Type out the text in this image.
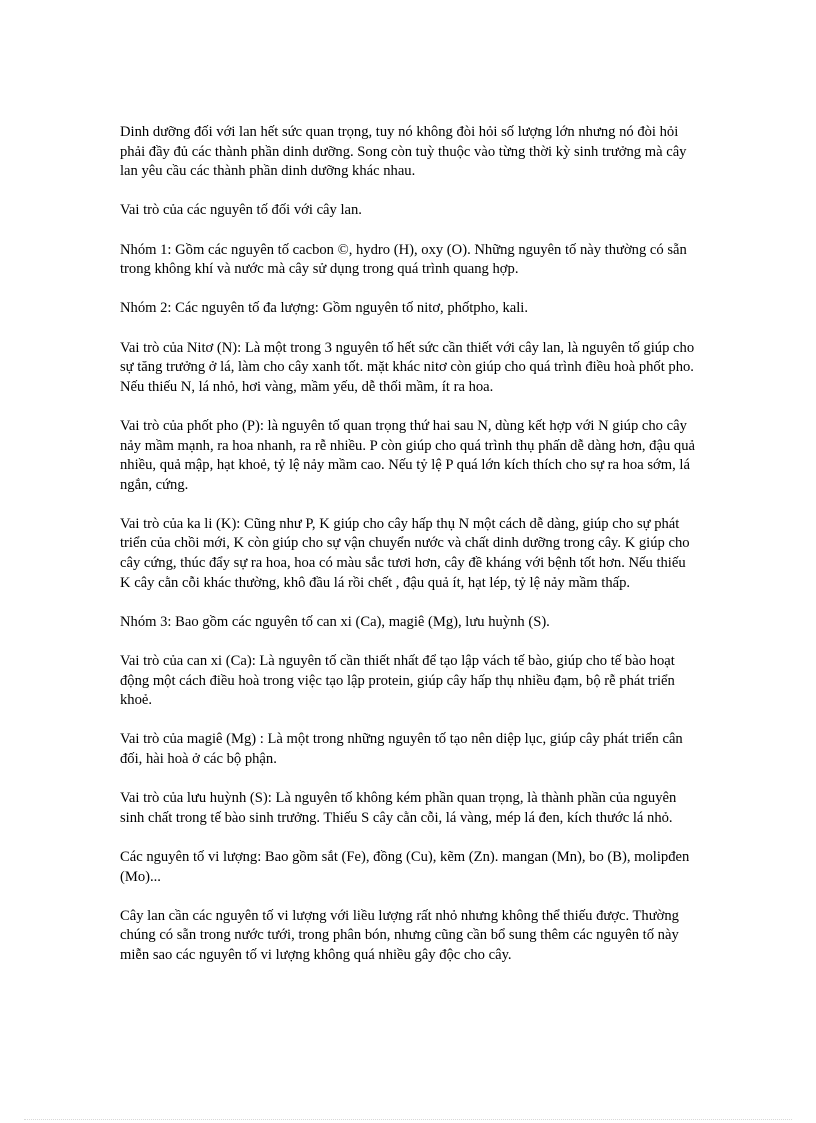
Dinh dưỡng đối với lan hết sức quan trọng, tuy nó không đòi hỏi số lượng lớn nhưng nó đòi hỏi phải đầy đủ các thành phần dinh dưỡng. Song còn tuỳ thuộc vào từng thời kỳ sinh trưởng mà cây lan yêu cầu các thành phần dinh dưỡng khác nhau.

Vai trò của các nguyên tố đối với cây lan.

Nhóm 1: Gồm các nguyên tố cacbon ©, hydro (H), oxy (O). Những nguyên tố này thường có sẵn trong không khí và nước mà cây sử dụng trong quá trình quang hợp.

Nhóm 2: Các nguyên tố đa lượng: Gồm nguyên tố nitơ, phốtpho, kali.

Vai trò của Nitơ (N): Là một trong 3 nguyên tố hết sức cần thiết với cây lan, là nguyên tố giúp cho sự tăng trưởng ở lá, làm cho cây xanh tốt. mặt khác nitơ còn giúp cho quá trình điều hoà phốt pho. Nếu thiếu N, lá nhỏ, hơi vàng, mầm yếu, dễ thối mầm, ít ra hoa.

Vai trò của phốt pho (P): là nguyên tố quan trọng thứ hai sau N, dùng kết hợp với N giúp cho cây nảy mầm mạnh, ra hoa nhanh, ra rễ nhiều. P còn giúp cho quá trình thụ phấn dễ dàng hơn, đậu quả nhiều, quả mập, hạt khoẻ, tỷ lệ nảy mầm cao. Nếu tỷ lệ P quá lớn kích thích cho sự ra hoa sớm, lá ngắn, cứng.

Vai trò của ka li (K): Cũng như P, K giúp cho cây hấp thụ N một cách dễ dàng, giúp cho sự phát triển của chồi mới, K còn giúp cho sự vận chuyển nước và chất dinh dưỡng trong cây. K giúp cho cây cứng, thúc đẩy sự ra hoa, hoa có màu sắc tươi hơn, cây đề kháng với bệnh tốt hơn. Nếu thiếu K cây cằn cỗi khác thường, khô đầu lá rồi chết , đậu quả ít, hạt lép, tỷ lệ nảy mầm thấp.

Nhóm 3: Bao gồm các nguyên tố can xi (Ca), magiê (Mg), lưu huỳnh (S).

Vai trò của can xi (Ca): Là nguyên tố cần thiết nhất để tạo lập vách tế bào, giúp cho tế bào hoạt động một cách điều hoà trong việc tạo lập protein, giúp cây hấp thụ nhiều đạm, bộ rễ phát triển khoẻ.

Vai trò của magiê (Mg) : Là một trong những nguyên tố tạo nên diệp lục, giúp cây phát triển cân đối, hài hoà ở các bộ phận.

Vai trò của lưu huỳnh (S): Là nguyên tố không kém phần quan trọng, là thành phần của nguyên sinh chất trong tế bào sinh trưởng. Thiếu S cây cằn cỗi, lá vàng, mép lá đen, kích thước lá nhỏ.

Các nguyên tố vi lượng: Bao gồm sắt (Fe), đồng (Cu), kẽm (Zn). mangan (Mn), bo (B), molipđen (Mo)...

Cây lan cần các nguyên tố vi lượng với liều lượng rất nhỏ nhưng không thể thiếu được. Thường chúng có sẵn trong nước tưới, trong phân bón, nhưng cũng cần bổ sung thêm các nguyên tố này miễn sao các nguyên tố vi lượng không quá nhiều gây độc cho cây.
